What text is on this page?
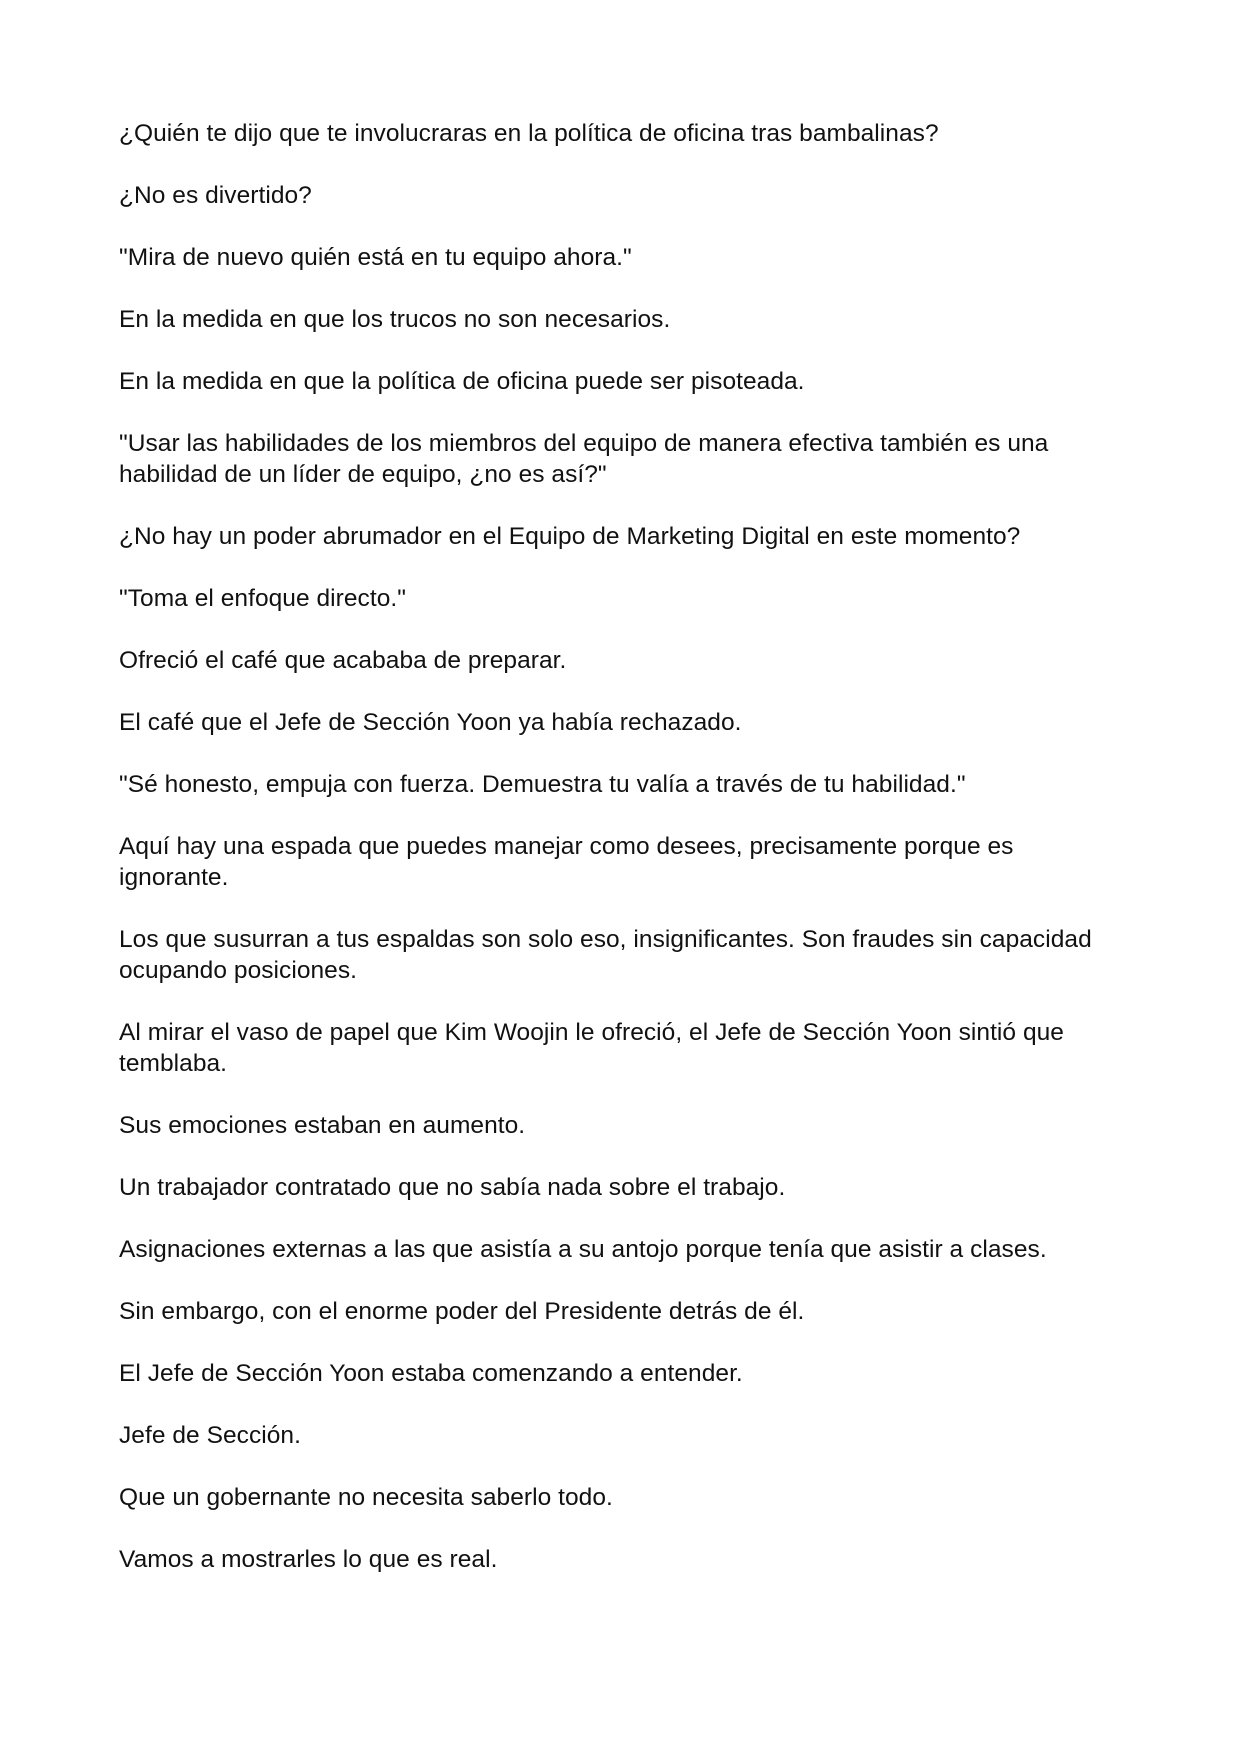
¿Quién te dijo que te involucraras en la política de oficina tras bambalinas?

¿No es divertido?

"Mira de nuevo quién está en tu equipo ahora."

En la medida en que los trucos no son necesarios.

En la medida en que la política de oficina puede ser pisoteada.

"Usar las habilidades de los miembros del equipo de manera efectiva también es una habilidad de un líder de equipo, ¿no es así?"

¿No hay un poder abrumador en el Equipo de Marketing Digital en este momento?

"Toma el enfoque directo."

Ofreció el café que acababa de preparar.

El café que el Jefe de Sección Yoon ya había rechazado.

"Sé honesto, empuja con fuerza. Demuestra tu valía a través de tu habilidad."

Aquí hay una espada que puedes manejar como desees, precisamente porque es ignorante.

Los que susurran a tus espaldas son solo eso, insignificantes. Son fraudes sin capacidad ocupando posiciones.

Al mirar el vaso de papel que Kim Woojin le ofreció, el Jefe de Sección Yoon sintió que temblaba.

Sus emociones estaban en aumento.

Un trabajador contratado que no sabía nada sobre el trabajo.

Asignaciones externas a las que asistía a su antojo porque tenía que asistir a clases.

Sin embargo, con el enorme poder del Presidente detrás de él.

El Jefe de Sección Yoon estaba comenzando a entender.

Jefe de Sección.

Que un gobernante no necesita saberlo todo.

Vamos a mostrarles lo que es real.
